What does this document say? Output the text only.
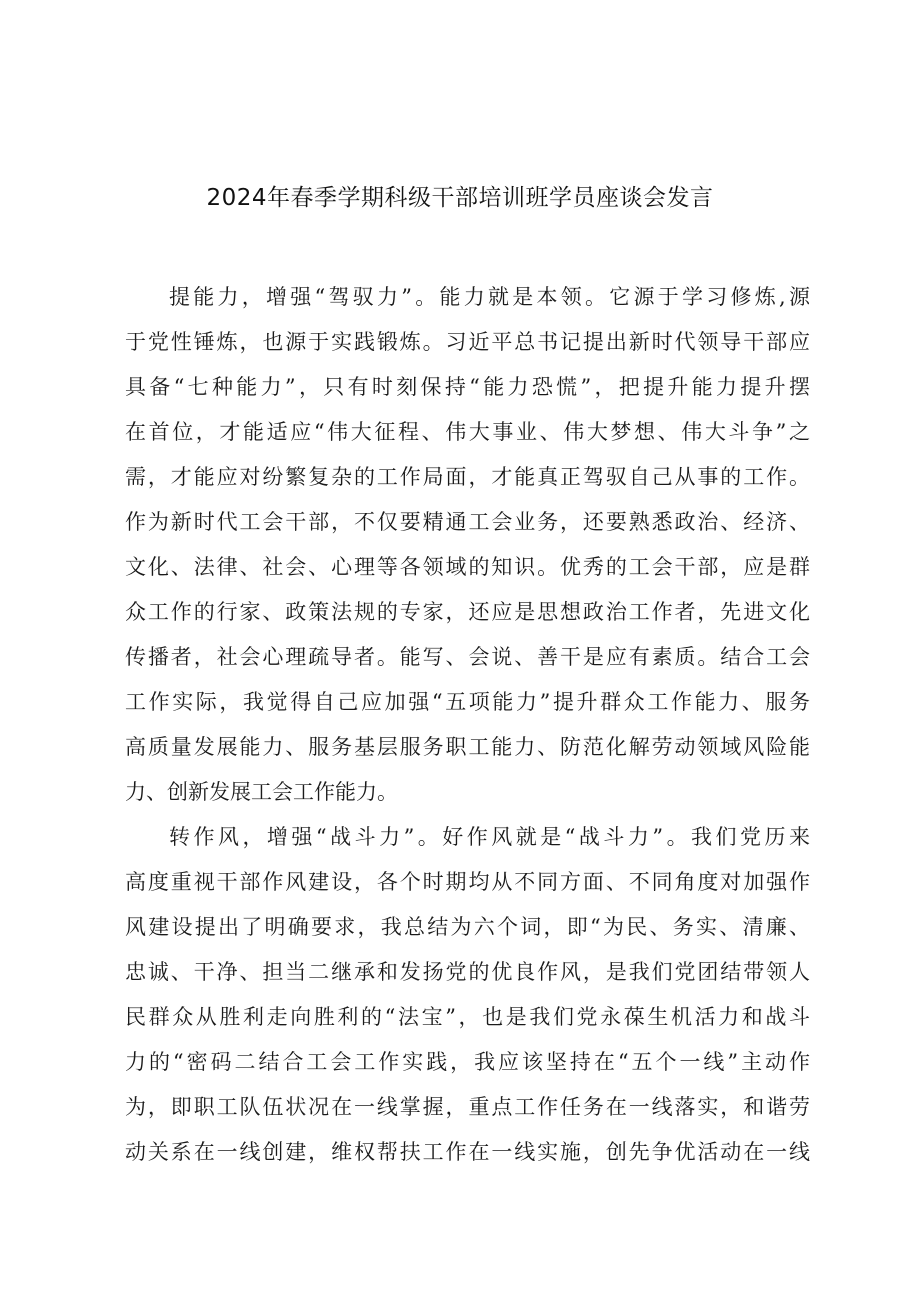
2024年春季学期科级干部培训班学员座谈会发言
提能力，增强“驾驭力”。能力就是本领。它源于学习修炼,源
于党性锤炼，也源于实践锻炼。习近平总书记提出新时代领导干部应
具备“七种能力”，只有时刻保持“能力恐慌”，把提升能力提升摆
在首位，才能适应“伟大征程、伟大事业、伟大梦想、伟大斗争”之
需，才能应对纷繁复杂的工作局面，才能真正驾驭自己从事的工作。
作为新时代工会干部，不仅要精通工会业务，还要熟悉政治、经济、
文化、法律、社会、心理等各领域的知识。优秀的工会干部，应是群
众工作的行家、政策法规的专家，还应是思想政治工作者，先进文化
传播者，社会心理疏导者。能写、会说、善干是应有素质。结合工会
工作实际，我觉得自己应加强“五项能力”提升群众工作能力、服务
高质量发展能力、服务基层服务职工能力、防范化解劳动领域风险能
力、创新发展工会工作能力。
转作风，增强“战斗力”。好作风就是“战斗力”。我们党历来
高度重视干部作风建设，各个时期均从不同方面、不同角度对加强作
风建设提出了明确要求，我总结为六个词，即“为民、务实、清廉、
忠诚、干净、担当二继承和发扬党的优良作风，是我们党团结带领人
民群众从胜利走向胜利的“法宝”，也是我们党永葆生机活力和战斗
力的“密码二结合工会工作实践，我应该坚持在“五个一线”主动作
为，即职工队伍状况在一线掌握，重点工作任务在一线落实，和谐劳
动关系在一线创建，维权帮扶工作在一线实施，创先争优活动在一线
